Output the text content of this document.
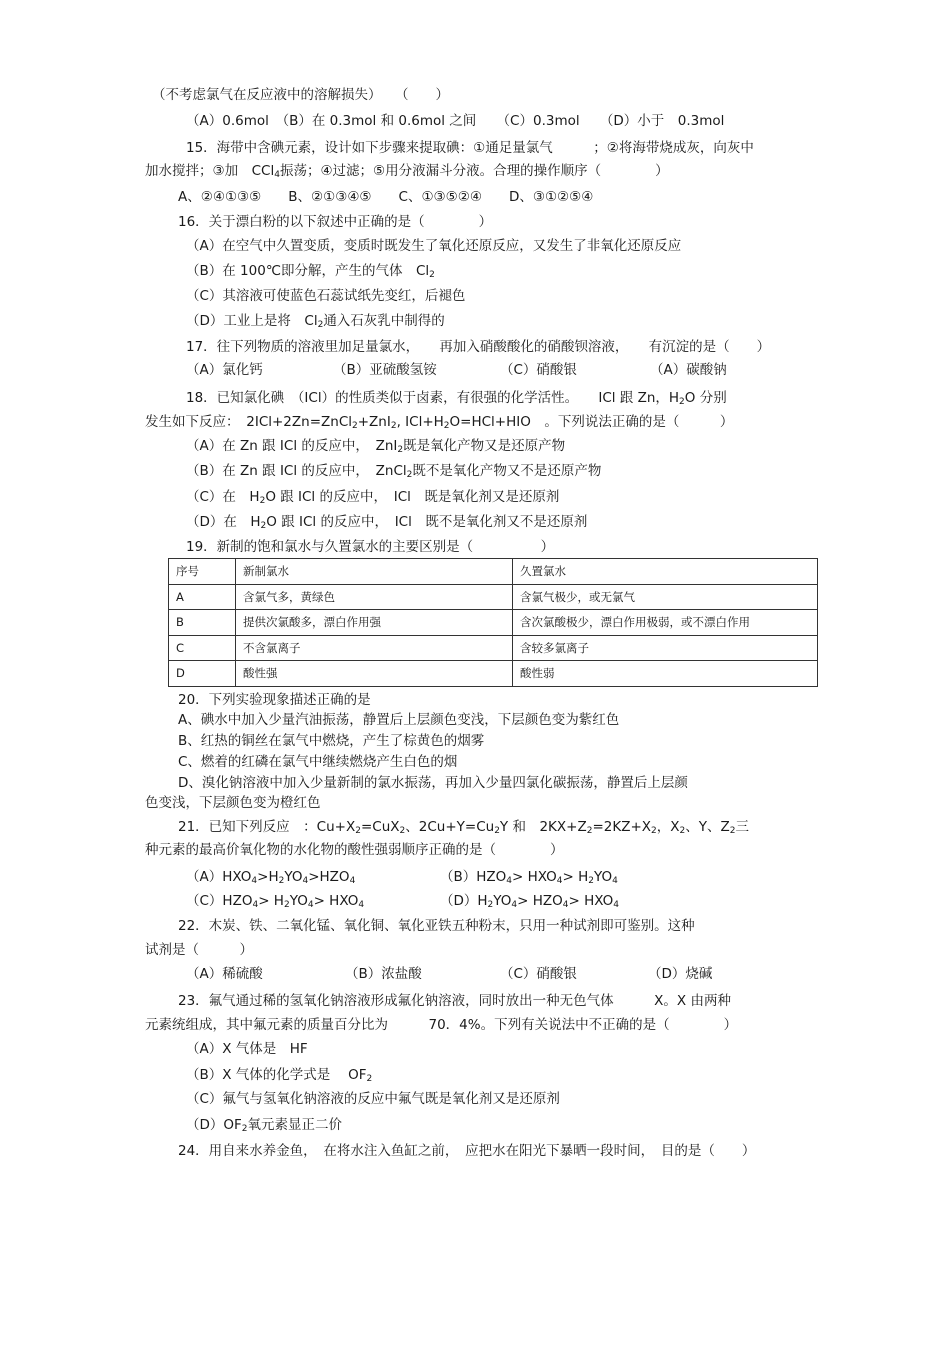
（不考虑氯气在反应液中的溶解损失）　　（　　）
（A）0.6mol　（B）在 0.3mol 和 0.6mol 之间　　（C）0.3mol　　（D）小于　0.3mol
15．海带中含碘元素，设计如下步骤来提取碘：①通足量氯气　　　；②将海带烧成灰，向灰中
加水搅拌；③加　CCl$_4$振荡；④过滤；⑤用分液漏斗分液。合理的操作顺序（　　　　）
A、②④①③⑤　　B、②①③④⑤　　C、①③⑤②④　　D、③①②⑤④
16．关于漂白粉的以下叙述中正确的是（　　　　）
（A）在空气中久置变质，变质时既发生了氧化还原反应，又发生了非氧化还原反应
（B）在 100℃即分解，产生的气体　$Cl_2$
（C）其溶液可使蓝色石蕊试纸先变红，后褪色
（D）工业上是将　$Cl_2$通入石灰乳中制得的
17．往下列物质的溶液里加足量氯水，　　再加入硝酸酸化的硝酸钡溶液，　　有沉淀的是（　　）
（A）氯化钙	（B）亚硫酸氢铵	（C）硝酸银	（A）碳酸钠
18．已知氯化碘　（ICl）的性质类似于卤素，有很强的化学活性。　　ICl 跟 Zn，$H_2O$ 分别
发生如下反应：　2ICl+2Zn=ZnCl$_2$+ZnI$_2$, $ICl+H_2O=HCl+HIO$　。下列说法正确的是（　　　）
（A）在 Zn 跟 ICl 的反应中，　ZnI$_2$既是氧化产物又是还原产物
（B）在 Zn 跟 ICl 的反应中，　ZnCl$_2$既不是氧化产物又不是还原产物
（C）在　$H_2O$ 跟 ICl 的反应中，　ICl　既是氧化剂又是还原剂
（D）在　$H_2O$ 跟 ICl 的反应中，　ICl　既不是氧化剂又不是还原剂
19．新制的饱和氯水与久置氯水的主要区别是（　　　　　）
序号	新制氯水	久置氯水
A	含氯气多，黄绿色	含氯气极少，或无氯气
B	提供次氯酸多，漂白作用强	含次氯酸极少，漂白作用极弱，或不漂白作用
C	不含氯离子	含较多氯离子
D	酸性强	酸性弱
20．下列实验现象描述正确的是
A、碘水中加入少量汽油振荡，静置后上层颜色变浅，下层颜色变为紫红色
B、红热的铜丝在氯气中燃烧，产生了棕黄色的烟雾
C、燃着的红磷在氯气中继续燃烧产生白色的烟
D、溴化钠溶液中加入少量新制的氯水振荡，再加入少量四氯化碳振荡，静置后上层颜
色变浅，下层颜色变为橙红色
21．已知下列反应　：$Cu+X_2=CuX_2$、$2Cu+Y=Cu_2Y$ 和　$2KX+Z_2=2KZ+X_2$，$X_2$、Y、$Z_2$三
种元素的最高价氧化物的水化物的酸性强弱顺序正确的是（　　　　）
$(A)HXO_4>H_2YO_4>HZO_4$	$(B)HZO_4> HXO_4> H_2YO_4$
$(C)HZO_4> H_2YO_4> HXO_4$	$(D)H_2YO_4> HZO_4> HXO_4$
22．木炭、铁、二氧化锰、氧化铜、氧化亚铁五种粉末，只用一种试剂即可鉴别。这种
试剂是（　　　）
（A）稀硫酸	（B）浓盐酸	（C）硝酸银	（D）烧碱
23．氟气通过稀的氢氧化钠溶液形成氟化钠溶液，同时放出一种无色气体　　　X。X 由两种
元素统组成，其中氟元素的质量百分比为　　　70．4%。下列有关说法中不正确的是（　　　　）
（A）X 气体是　HF
（B）X 气体的化学式是　 $OF_2$
（C）氟气与氢氧化钠溶液的反应中氟气既是氧化剂又是还原剂
$(D)OF_2$氧元素显正二价
24．用自来水养金鱼，　在将水注入鱼缸之前，　应把水在阳光下暴晒一段时间，　目的是（　　）
